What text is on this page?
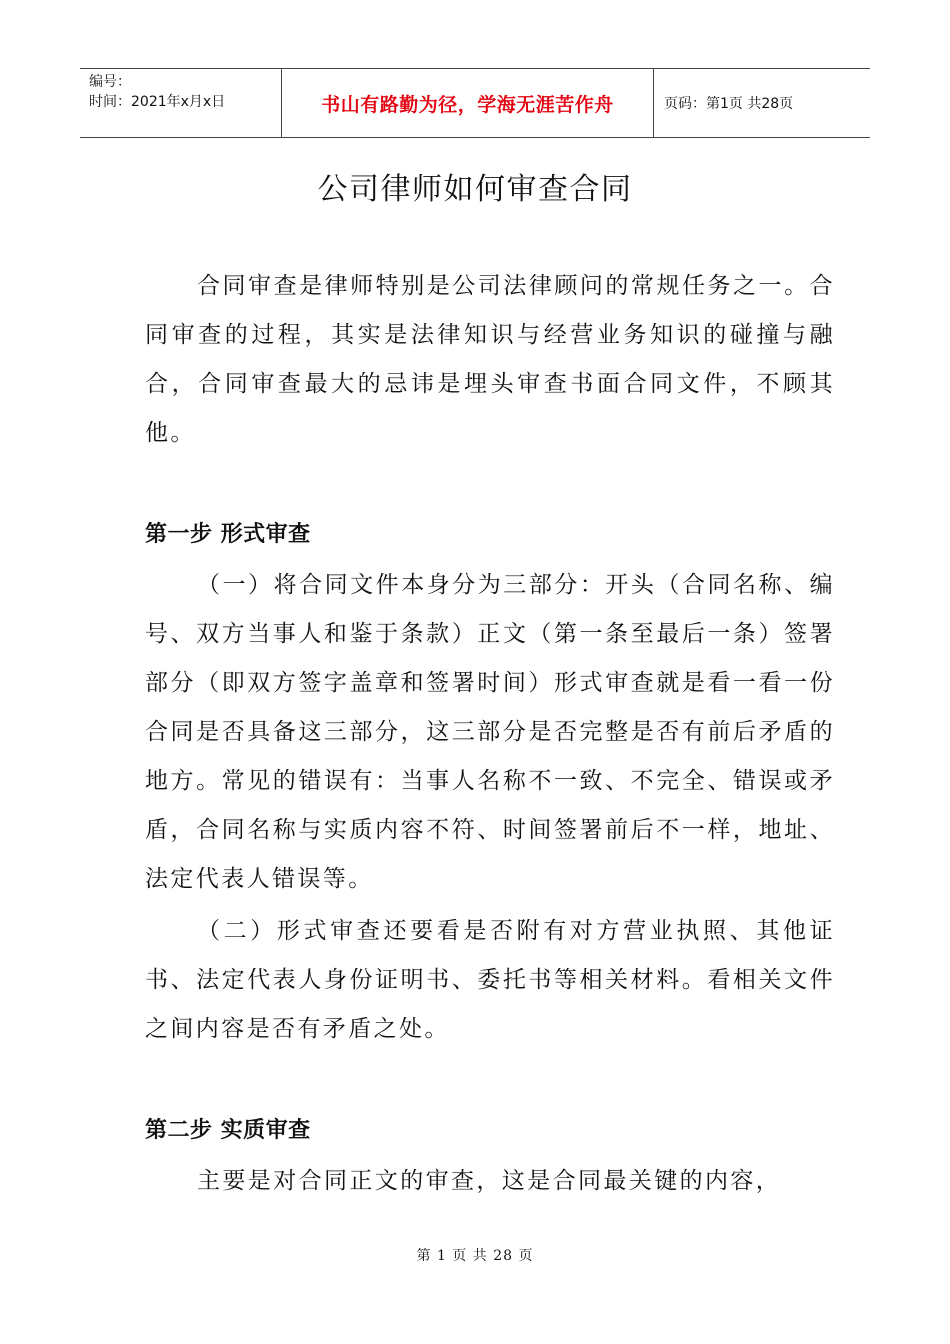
编号：
时间：2021年x月x日	书山有路勤为径，学海无涯苦作舟	页码：第1页 共28页
公司律师如何审查合同

合同审查是律师特别是公司法律顾问的常规任务之一。合同审查的过程，其实是法律知识与经营业务知识的碰撞与融合，合同审查最大的忌讳是埋头审查书面合同文件，不顾其他。

第一步 形式审查

（一）将合同文件本身分为三部分：开头（合同名称、编号、双方当事人和鉴于条款）正文（第一条至最后一条）签署部分（即双方签字盖章和签署时间）形式审查就是看一看一份合同是否具备这三部分，这三部分是否完整是否有前后矛盾的地方。常见的错误有：当事人名称不一致、不完全、错误或矛盾，合同名称与实质内容不符、时间签署前后不一样，地址、法定代表人错误等。

（二）形式审查还要看是否附有对方营业执照、其他证书、法定代表人身份证明书、委托书等相关材料。看相关文件之间内容是否有矛盾之处。

第二步 实质审查

主要是对合同正文的审查，这是合同最关键的内容，

第 1 页 共 28 页
